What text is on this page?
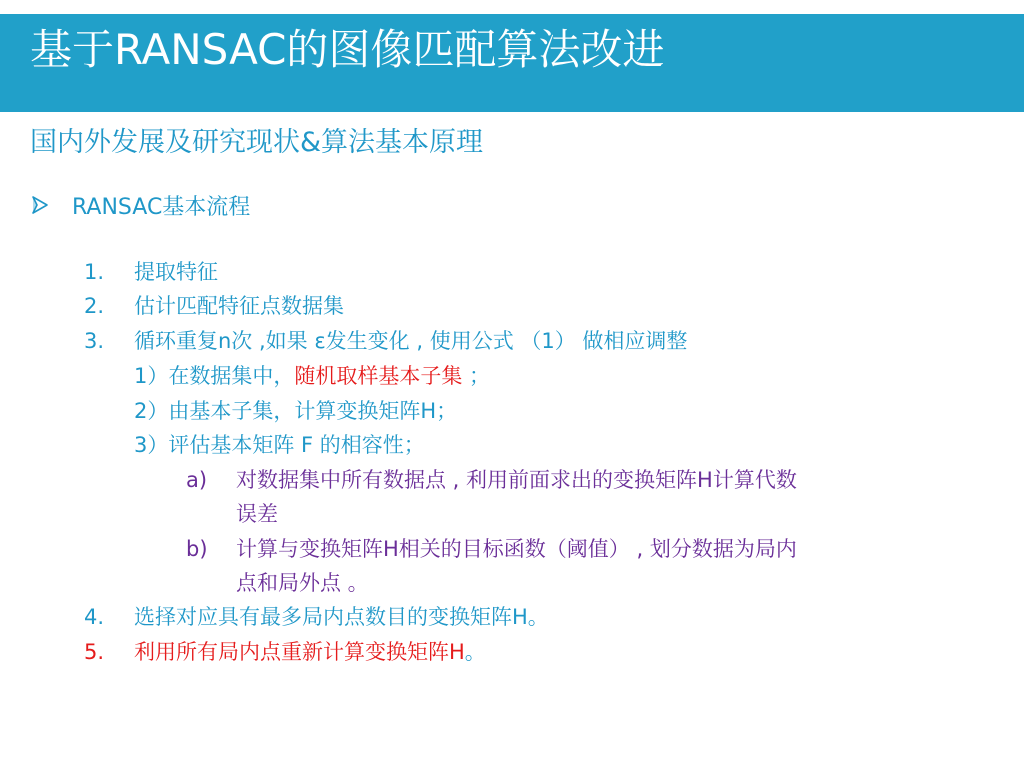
基于RANSAC的图像匹配算法改进
国内外发展及研究现状&算法基本原理
RANSAC基本流程
1. 提取特征
2. 估计匹配特征点数据集
3. 循环重复n次 ,如果 ε发生变化 , 使用公式 （1） 做相应调整
1）在数据集中，随机取样基本子集 ；
2）由基本子集，计算变换矩阵H；
3）评估基本矩阵 F 的相容性；
a) 对数据集中所有数据点 , 利用前面求出的变换矩阵H计算代数
误差
b) 计算与变换矩阵H相关的目标函数（阈值） , 划分数据为局内
点和局外点 。
4. 选择对应具有最多局内点数目的变换矩阵H。
5. 利用所有局内点重新计算变换矩阵H。
